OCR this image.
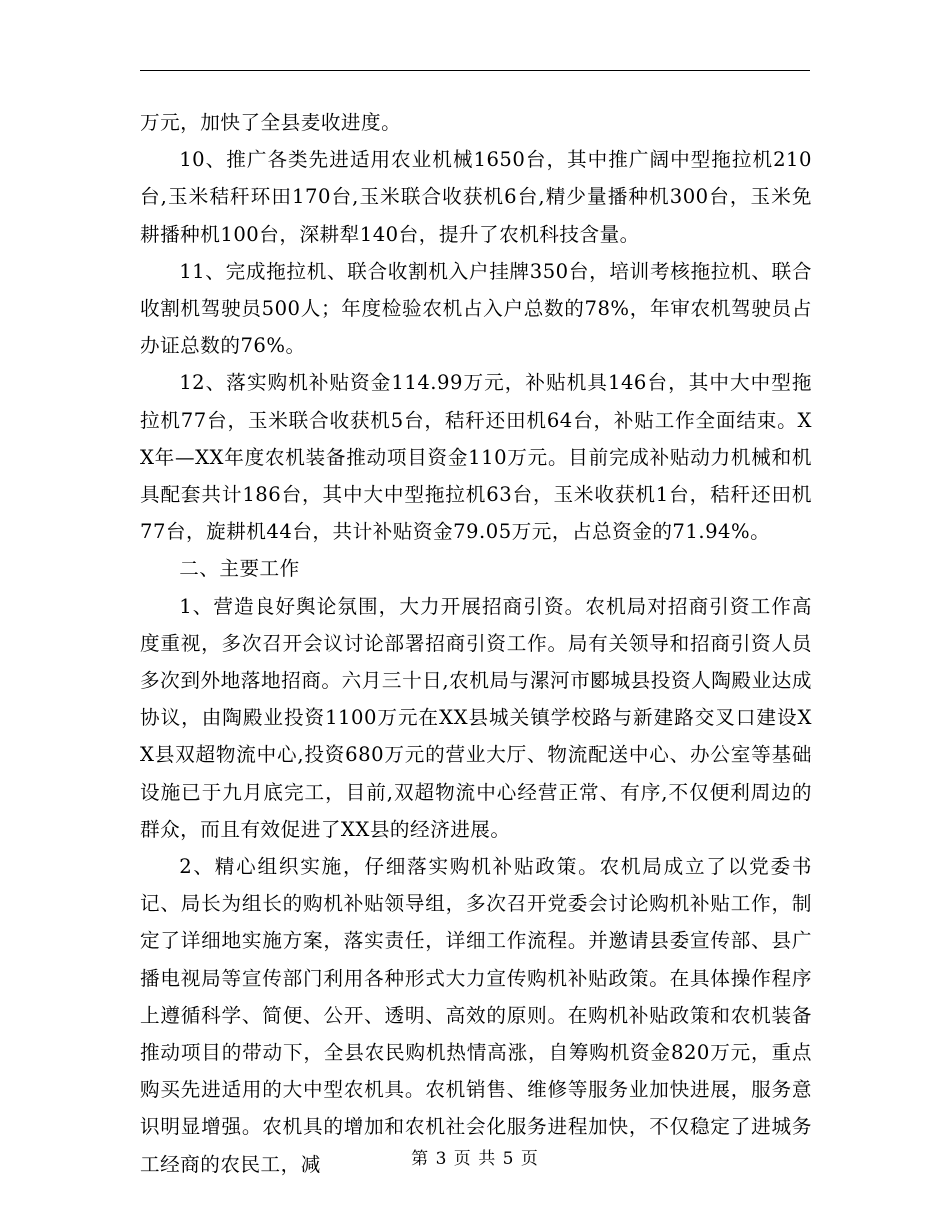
万元，加快了全县麦收进度。

10、推广各类先进适用农业机械1650台，其中推广阔中型拖拉机210台,玉米秸秆环田170台,玉米联合收获机6台,精少量播种机300台，玉米免耕播种机100台，深耕犁140台，提升了农机科技含量。

11、完成拖拉机、联合收割机入户挂牌350台，培训考核拖拉机、联合收割机驾驶员500人；年度检验农机占入户总数的78%，年审农机驾驶员占办证总数的76%。

12、落实购机补贴资金114.99万元，补贴机具146台，其中大中型拖拉机77台，玉米联合收获机5台，秸秆还田机64台，补贴工作全面结束。XX年—XX年度农机装备推动项目资金110万元。目前完成补贴动力机械和机具配套共计186台，其中大中型拖拉机63台，玉米收获机1台，秸秆还田机77台，旋耕机44台，共计补贴资金79.05万元，占总资金的71.94%。

二、主要工作

1、营造良好舆论氛围，大力开展招商引资。农机局对招商引资工作高度重视，多次召开会议讨论部署招商引资工作。局有关领导和招商引资人员多次到外地落地招商。六月三十日,农机局与漯河市郾城县投资人陶殿业达成协议，由陶殿业投资1100万元在XX县城关镇学校路与新建路交叉口建设XX县双超物流中心,投资680万元的营业大厅、物流配送中心、办公室等基础设施已于九月底完工，目前,双超物流中心经营正常、有序,不仅便利周边的群众，而且有效促进了XX县的经济进展。

2、精心组织实施，仔细落实购机补贴政策。农机局成立了以党委书记、局长为组长的购机补贴领导组，多次召开党委会讨论购机补贴工作，制定了详细地实施方案，落实责任，详细工作流程。并邀请县委宣传部、县广播电视局等宣传部门利用各种形式大力宣传购机补贴政策。在具体操作程序上遵循科学、简便、公开、透明、高效的原则。在购机补贴政策和农机装备推动项目的带动下，全县农民购机热情高涨，自筹购机资金820万元，重点购买先进适用的大中型农机具。农机销售、维修等服务业加快进展，服务意识明显增强。农机具的增加和农机社会化服务进程加快，不仅稳定了进城务工经商的农民工，减	第 3 页 共 5 页
